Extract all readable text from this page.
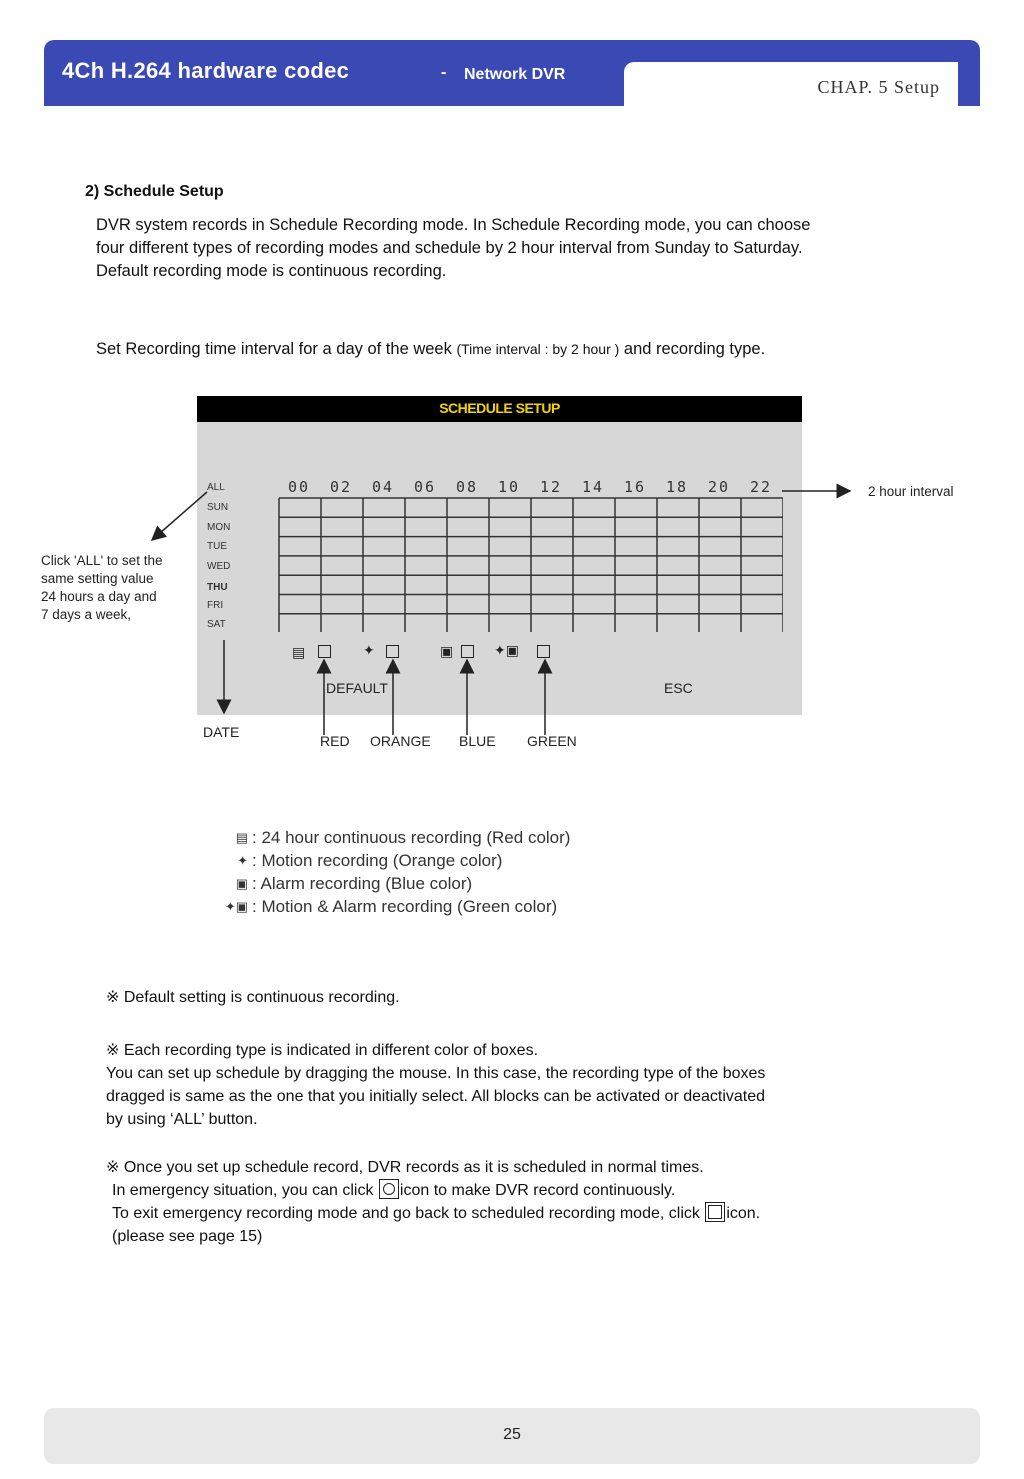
4Ch H.264 hardware codec	- Network DVR
CHAP. 5 Setup
2) Schedule Setup

DVR system records in Schedule Recording mode. In Schedule Recording mode, you can choose

four different types of recording modes and schedule by 2 hour interval from Sunday to Saturday.

Default recording mode is continuous recording.

Set Recording time interval for a day of the week (Time interval : by 2 hour ) and recording type.
SCHEDULE SETUP
00 02 04 06 08 10 12 14 16 18 20 22
ALL
SUN
MON
TUE
WED
THU
FRI
SAT
▤	✦	▣	✦▣
DEFAULT	ESC
2 hour interval
Click 'ALL' to set the
same setting value
24 hours a day and
7 days a week,
DATE
RED ORANGE BLUE GREEN
▤ : 24 hour continuous recording (Red color)
✦ : Motion recording (Orange color)
▣ : Alarm recording (Blue color)
✦▣ : Motion & Alarm recording (Green color)

※ Default setting is continuous recording.

※ Each recording type is indicated in different color of boxes.

You can set up schedule by dragging the mouse. In this case, the recording type of the boxes

dragged is same as the one that you initially select. All blocks can be activated or deactivated

by using ‘ALL’ button.

※ Once you set up schedule record, DVR records as it is scheduled in normal times.

In emergency situation, you can click
icon to make DVR record continuously.

To exit emergency recording mode and go back to scheduled recording mode, click
icon.

(please see page 15)

25
